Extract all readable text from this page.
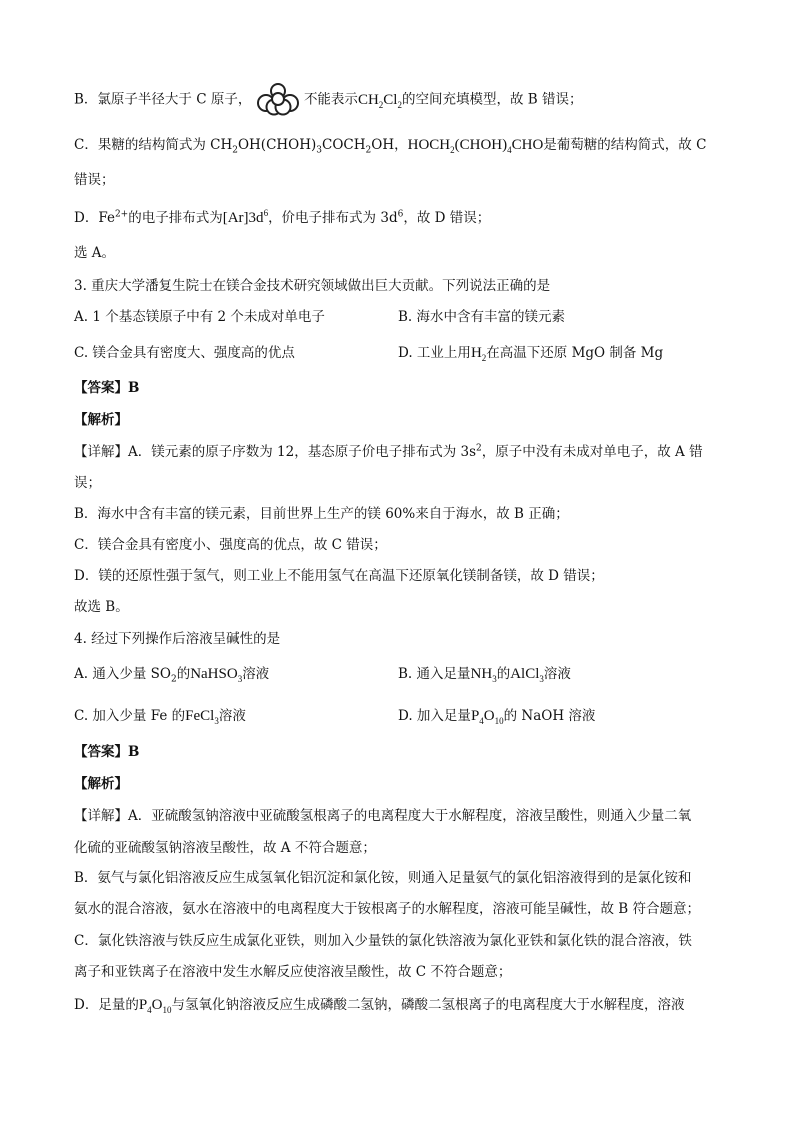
B．氯原子半径大于 C 原子，	不能表示$CH_2Cl_2$的空间充填模型，故 B 错误；
C．果糖的结构简式为 $CH_2OH(CHOH)_3COCH_2OH$，$HOCH_2(CHOH)_4CHO$是葡萄糖的结构简式，故 C
错误；
D．$Fe^{2+}$的电子排布式为$[Ar]3d^6$，价电子排布式为 $3d^6$，故 D 错误；
选 A。
3. 重庆大学潘复生院士在镁合金技术研究领域做出巨大贡献。下列说法正确的是
A. 1 个基态镁原子中有 2 个未成对单电子	B. 海水中含有丰富的镁元素
C. 镁合金具有密度大、强度高的优点	D. 工业上用$H_2$在高温下还原 MgO 制备 Mg
【答案】B
【解析】
【详解】A．镁元素的原子序数为 12，基态原子价电子排布式为 $3s^2$，原子中没有未成对单电子，故 A 错
误；
B．海水中含有丰富的镁元素，目前世界上生产的镁 60%来自于海水，故 B 正确；
C．镁合金具有密度小、强度高的优点，故 C 错误；
D．镁的还原性强于氢气，则工业上不能用氢气在高温下还原氧化镁制备镁，故 D 错误；
故选 B。
4. 经过下列操作后溶液呈碱性的是
A. 通入少量 $SO_2$的NaHSO$_3$溶液	B. 通入足量$NH_3$的AlCl$_3$溶液
C. 加入少量 Fe 的FeCl$_3$溶液	D. 加入足量$P_4O_{10}$的 NaOH 溶液
【答案】B
【解析】
【详解】A．亚硫酸氢钠溶液中亚硫酸氢根离子的电离程度大于水解程度，溶液呈酸性，则通入少量二氧
化硫的亚硫酸氢钠溶液呈酸性，故 A 不符合题意；
B．氨气与氯化铝溶液反应生成氢氧化铝沉淀和氯化铵，则通入足量氨气的氯化铝溶液得到的是氯化铵和
氨水的混合溶液，氨水在溶液中的电离程度大于铵根离子的水解程度，溶液可能呈碱性，故 B 符合题意；
C．氯化铁溶液与铁反应生成氯化亚铁，则加入少量铁的氯化铁溶液为氯化亚铁和氯化铁的混合溶液，铁
离子和亚铁离子在溶液中发生水解反应使溶液呈酸性，故 C 不符合题意；
D．足量的$P_4O_{10}$与氢氧化钠溶液反应生成磷酸二氢钠，磷酸二氢根离子的电离程度大于水解程度，溶液
